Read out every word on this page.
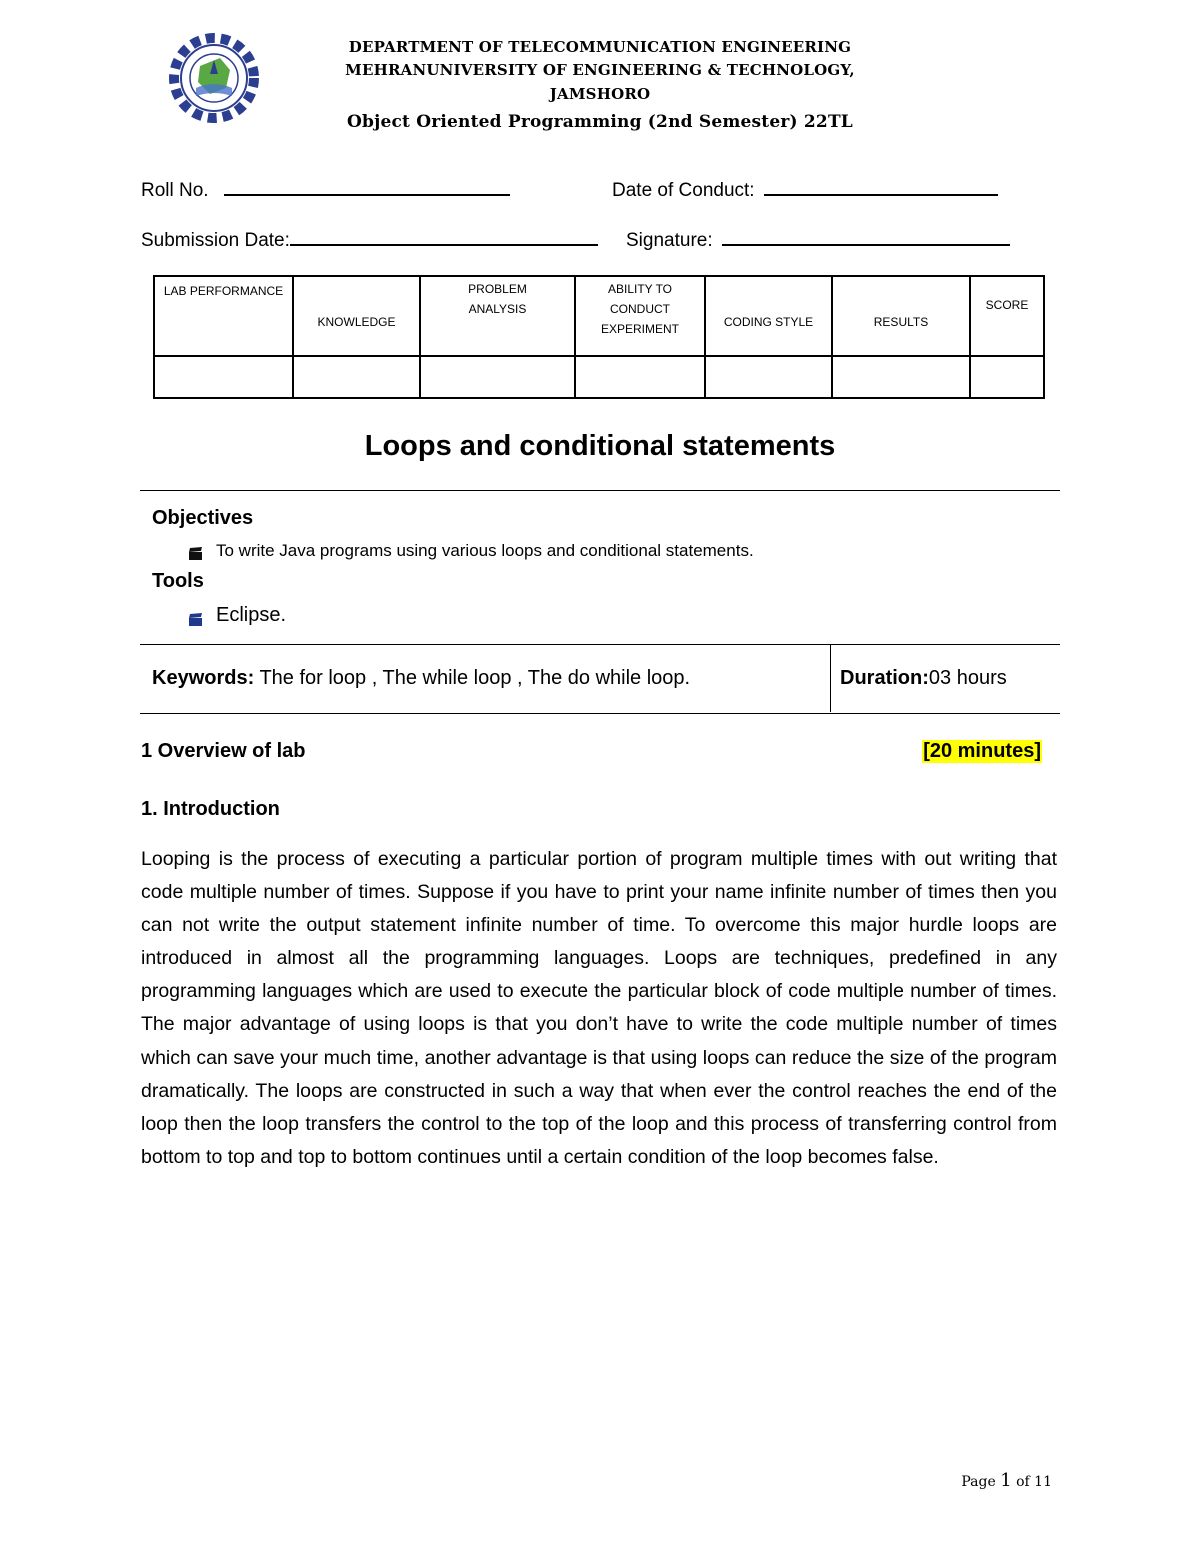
DEPARTMENT OF TELECOMMUNICATION ENGINEERING
MEHRANUNIVERSITY OF ENGINEERING & TECHNOLOGY,
JAMSHORO
Object Oriented Programming (2nd Semester) 22TL
Roll No.	Date of Conduct:
Submission Date:	Signature:
LAB PERFORMANCE	KNOWLEDGE	PROBLEM ANALYSIS	ABILITY TO CONDUCT EXPERIMENT	CODING STYLE	RESULTS	SCORE

Loops and conditional statements
Objectives
To write Java programs using various loops and conditional statements.
Tools
Eclipse.
Keywords: The for loop , The while loop , The do while loop.	Duration: 03 hours
1 Overview of lab	[20 minutes]
1. Introduction
Looping is the process of executing a particular portion of program multiple times with out writing that code multiple number of times. Suppose if you have to print your name infinite number of times then you can not write the output statement infinite number of time. To overcome this major hurdle loops are introduced in almost all the programming languages. Loops are techniques, predefined in any programming languages which are used to execute the particular block of code multiple number of times. The major advantage of using loops is that you don’t have to write the code multiple number of times which can save your much time, another advantage is that using loops can reduce the size of the program dramatically. The loops are constructed in such a way that when ever the control reaches the end of the loop then the loop transfers the control to the top of the loop and this process of transferring control from bottom to top and top to bottom continues until a certain condition of the loop becomes false.
Page 1 of 11
